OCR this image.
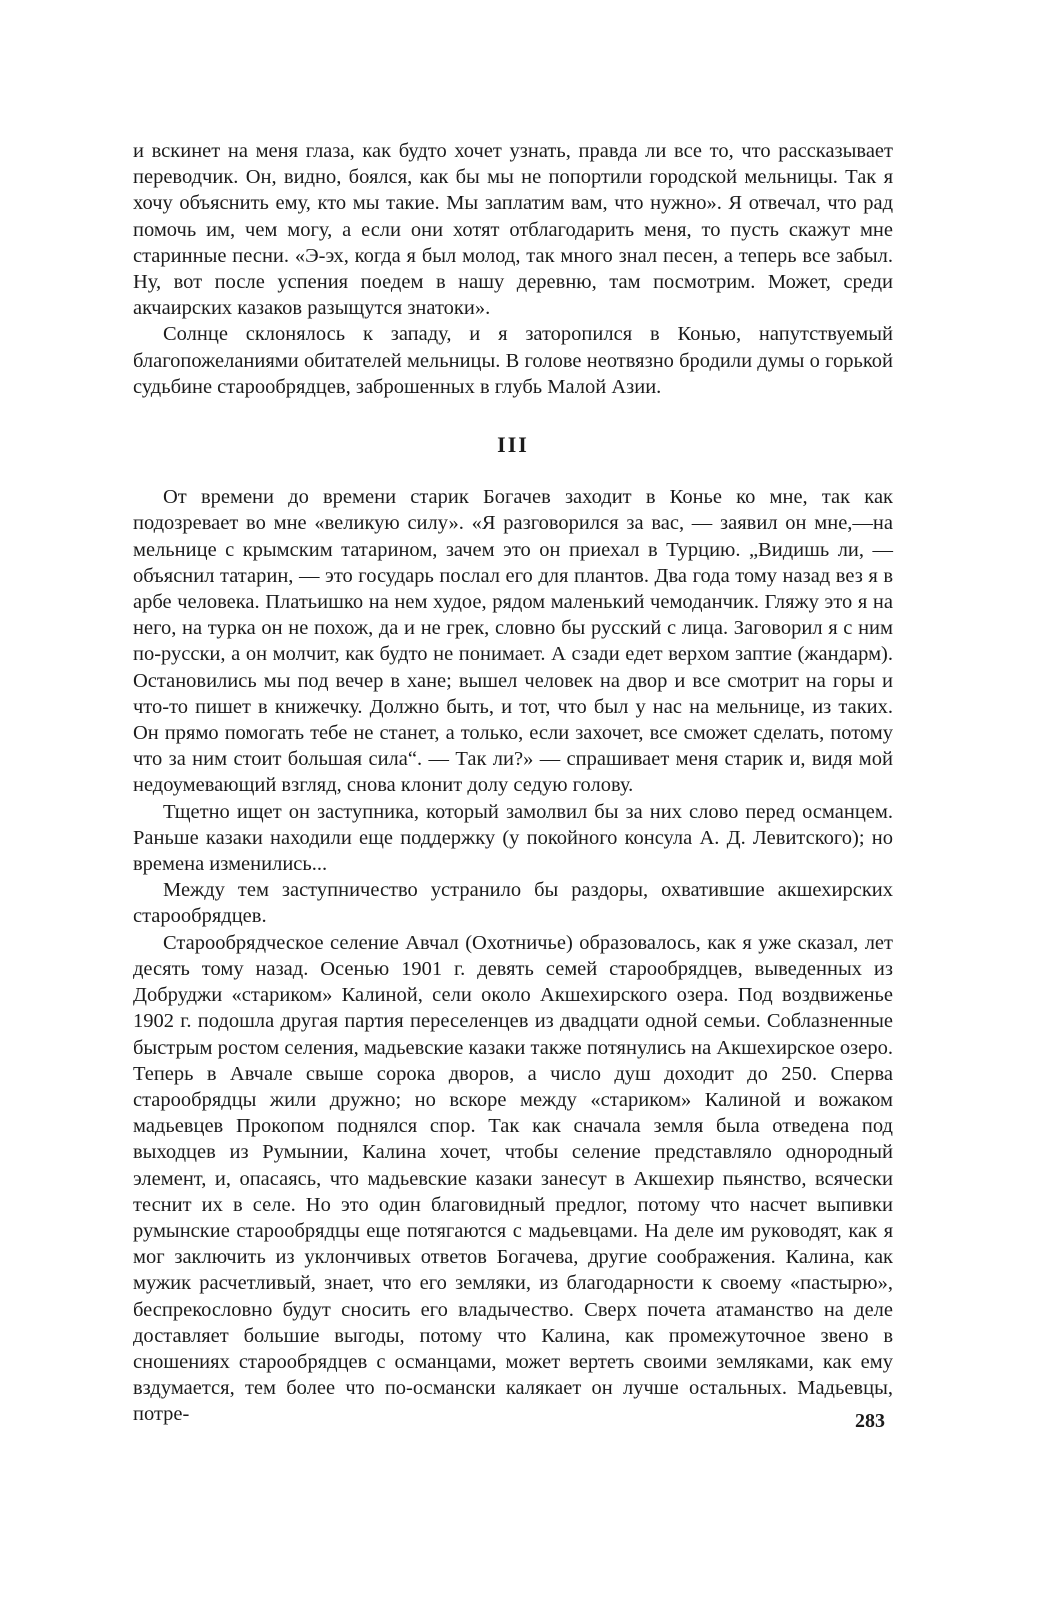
и вскинет на меня глаза, как будто хочет узнать, правда ли все то, что рассказывает переводчик. Он, видно, боялся, как бы мы не попортили городской мельницы. Так я хочу объяснить ему, кто мы такие. Мы заплатим вам, что нужно». Я отвечал, что рад помочь им, чем могу, а если они хотят отблагодарить меня, то пусть скажут мне старинные песни. «Э-эх, когда я был молод, так много знал песен, а теперь все забыл. Ну, вот после успения поедем в нашу деревню, там посмотрим. Может, среди акчаирских казаков разыщутся знатоки».

Солнце склонялось к западу, и я заторопился в Конью, напутствуемый благопожеланиями обитателей мельницы. В голове неотвязно бродили думы о горькой судьбине старообрядцев, заброшенных в глубь Малой Азии.

III

От времени до времени старик Богачев заходит в Конье ко мне, так как подозревает во мне «великую силу». «Я разговорился за вас, — заявил он мне,—на мельнице с крымским татарином, зачем это он приехал в Турцию. „Видишь ли, — объяснил татарин, — это государь послал его для плантов. Два года тому назад вез я в арбе человека. Платьишко на нем худое, рядом маленький чемоданчик. Гляжу это я на него, на турка он не похож, да и не грек, словно бы русский с лица. Заговорил я с ним по-русски, а он молчит, как будто не понимает. А сзади едет верхом заптие (жандарм). Остановились мы под вечер в хане; вышел человек на двор и все смотрит на горы и что-то пишет в книжечку. Должно быть, и тот, что был у нас на мельнице, из таких. Он прямо помогать тебе не станет, а только, если захочет, все сможет сделать, потому что за ним стоит большая сила“. — Так ли?» — спрашивает меня старик и, видя мой недоумевающий взгляд, снова клонит долу седую голову.

Тщетно ищет он заступника, который замолвил бы за них слово перед османцем. Раньше казаки находили еще поддержку (у покойного консула А. Д. Левитского); но времена изменились...

Между тем заступничество устранило бы раздоры, охватившие акшехирских старообрядцев.

Старообрядческое селение Авчал (Охотничье) образовалось, как я уже сказал, лет десять тому назад. Осенью 1901 г. девять семей старообрядцев, выведенных из Добруджи «стариком» Калиной, сели около Акшехирского озера. Под воздвиженье 1902 г. подошла другая партия переселенцев из двадцати одной семьи. Соблазненные быстрым ростом селения, мадьевские казаки также потянулись на Акшехирское озеро. Теперь в Авчале свыше сорока дворов, а число душ доходит до 250. Сперва старообрядцы жили дружно; но вскоре между «стариком» Калиной и вожаком мадьевцев Прокопом поднялся спор. Так как сначала земля была отведена под выходцев из Румынии, Калина хочет, чтобы селение представляло однородный элемент, и, опасаясь, что мадьевские казаки занесут в Акшехир пьянство, всячески теснит их в селе. Но это один благовидный предлог, потому что насчет выпивки румынские старообрядцы еще потягаются с мадьевцами. На деле им руководят, как я мог заключить из уклончивых ответов Богачева, другие соображения. Калина, как мужик расчетливый, знает, что его земляки, из благодарности к своему «пастырю», беспрекословно будут сносить его владычество. Сверх почета атаманство на деле доставляет большие выгоды, потому что Калина, как промежуточное звено в сношениях старообрядцев с османцами, может вертеть своими земляками, как ему вздумается, тем более что по-османски калякает он лучше остальных. Мадьевцы, потре-	283
